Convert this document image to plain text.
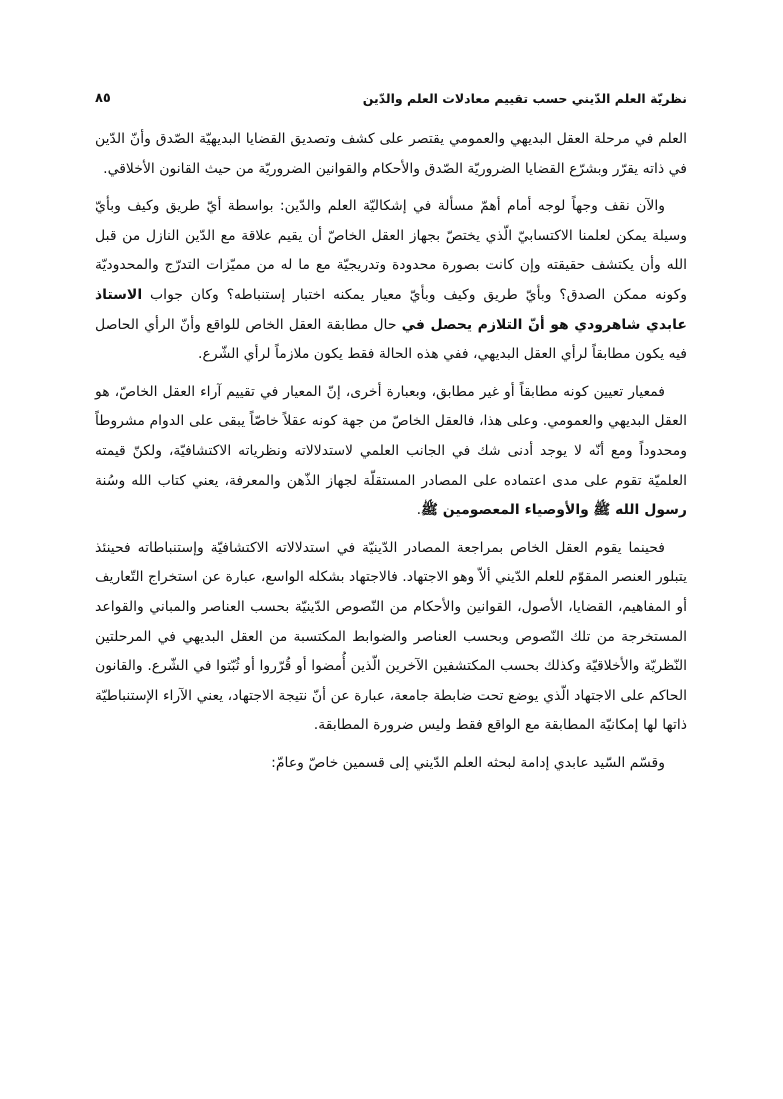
نظريّة العلم الدّيني حسب تقييم معادلات العلم والدّين
٨٥

العلم في مرحلة العقل البديهي والعمومي يقتصر على كشف وتصديق القضايا البديهيّة الصّدق وأنّ الدّين في ذاته يقرّر وبشرّع القضايا الضروريّة الصّدق والأحكام والقوانين الضروريّة من حيث القانون الأخلاقي.

والآن نقف وجهاً لوجه أمام أهمّ مسألة في إشكاليّة العلم والدّين: بواسطة أيّ طريق وكيف وبأيّ وسيلة يمكن لعلمنا الاكتسابيّ الّذي يختصّ بجهاز العقل الخاصّ أن يقيم علاقة مع الدّين النازل من قبل الله وأن يكتشف حقيقته وإن كانت بصورة محدودة وتدريجيّة مع ما له من مميّزات التدرّج والمحدوديّة وكونه ممكن الصدق؟ وبأيّ طريق وكيف وبأيّ معيار يمكنه اختبار إستنباطه؟ وكان جواب الاستاذ عابدي شاهرودي هو أنّ التلازم يحصل في حال مطابقة العقل الخاص للواقع وأنّ الرأي الحاصل فيه يكون مطابقاً لرأي العقل البديهي، ففي هذه الحالة فقط يكون ملازماً لرأي الشّرع.

فمعيار تعيين كونه مطابقاً أو غير مطابق، وبعبارة أخرى، إنّ المعيار في تقييم آراء العقل الخاصّ، هو العقل البديهي والعمومي. وعلى هذا، فالعقل الخاصّ من جهة كونه عقلاً خاصّاً يبقى على الدوام مشروطاً ومحدوداً ومع أنّه لا يوجد أدنى شك في الجانب العلمي لاستدلالاته ونظرياته الاكتشافيّة، ولكنّ قيمته العلميّة تقوم على مدى اعتماده على المصادر المستقلّة لجهاز الذّهن والمعرفة، يعني كتاب الله وسُنة رسول الله ﷺ والأوصياء المعصومين ﷺ.

فحينما يقوم العقل الخاص بمراجعة المصادر الدّينيّة في استدلالاته الاكتشافيّة وإستنباطاته فحينئذ يتبلور العنصر المقوّم للعلم الدّيني ألاّ وهو الاجتهاد. فالاجتهاد بشكله الواسع، عبارة عن استخراج التّعاريف أو المفاهيم، القضايا، الأصول، القوانين والأحكام من النّصوص الدّينيّة بحسب العناصر والمباني والقواعد المستخرجة من تلك النّصوص وبحسب العناصر والضوابط المكتسبة من العقل البديهي في المرحلتين النّظريّة والأخلاقيّة وكذلك بحسب المكتشفين الآخرين الّذين أُمضوا أو قُرّروا أو ثُبّتوا في الشّرع. والقانون الحاكم على الاجتهاد الّذي يوضع تحت ضابطة جامعة، عبارة عن أنّ نتيجة الاجتهاد، يعني الآراء الإستنباطيّة ذاتها لها إمكانيّة المطابقة مع الواقع فقط وليس ضرورة المطابقة.

وقسّم السّيد عابدي إدامة لبحثه العلم الدّيني إلى قسمين خاصّ وعامّ:
